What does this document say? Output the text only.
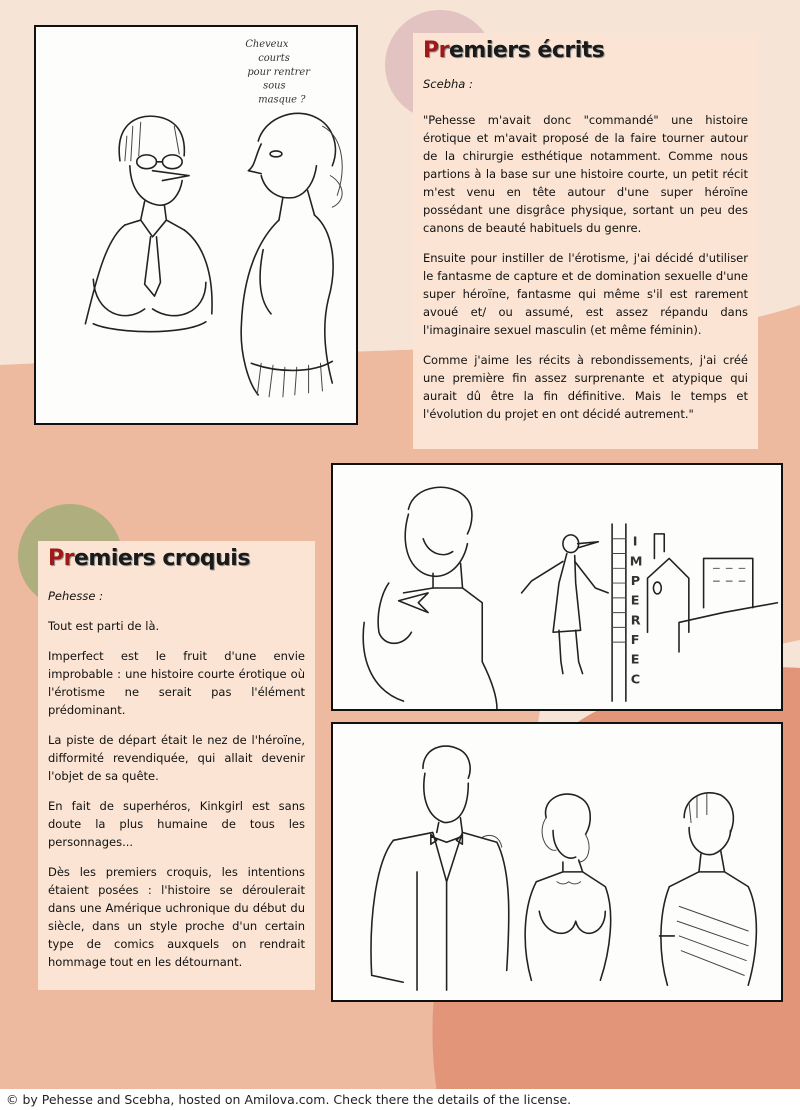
Cheveux
courts
pour rentrer
sous
masque ?
Premiers écrits
Scebha :

"Pehesse m'avait donc "commandé" une histoire érotique et m'avait proposé de la faire tourner autour de la chirurgie esthétique notamment. Comme nous partions à la base sur une histoire courte, un petit récit m'est venu en tête autour d'une super héroïne possédant une disgrâce physique, sortant un peu des canons de beauté habituels du genre.

Ensuite pour instiller de l'érotisme, j'ai décidé d'utiliser le fantasme de capture et de domination sexuelle d'une super héroïne, fantasme qui même s'il est rarement avoué et/ ou assumé, est assez répandu dans l'imaginaire sexuel masculin (et même féminin).

Comme j'aime les récits à rebondissements, j'ai créé une première fin assez surprenante et atypique qui aurait dû être la fin définitive. Mais le temps et l'évolution du projet en ont décidé autrement."

I
M
P
E
R
F
E
C
Premiers croquis
Pehesse :

Tout est parti de là.

Imperfect est le fruit d'une envie improbable : une histoire courte érotique où l'érotisme ne serait pas l'élément prédominant.

La piste de départ était le nez de l'héroïne, difformité revendiquée, qui allait devenir l'objet de sa quête.

En fait de superhéros, Kinkgirl est sans doute la plus humaine de tous les personnages...

Dès les premiers croquis, les intentions étaient posées : l'histoire se déroulerait dans une Amérique uchronique du début du siècle, dans un style proche d'un certain type de comics auxquels on rendrait hommage tout en les détournant.

© by Pehesse and Scebha, hosted on Amilova.com. Check there the details of the license.
